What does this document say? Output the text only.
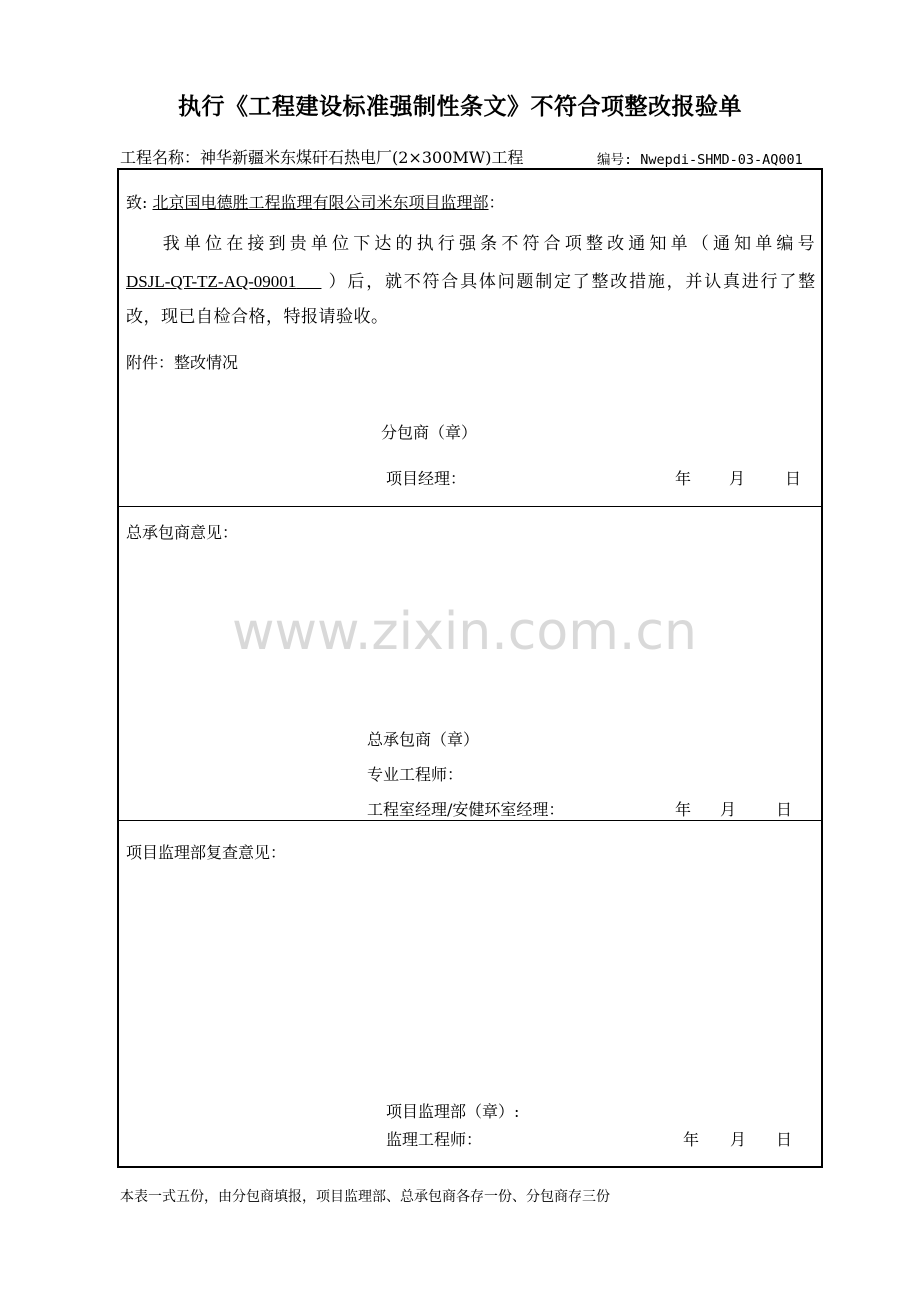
执行《工程建设标准强制性条文》不符合项整改报验单
工程名称：神华新疆米东煤矸石热电厂(2×300MW)工程	编号: Nwepdi-SHMD-03-AQ001
致: 北京国电德胜工程监理有限公司米东项目监理部：
我单位在接到贵单位下达的执行强条不符合项整改通知单（通知单编号
DSJL-QT-TZ-AQ-09001 ）后，就不符合具体问题制定了整改措施，并认真进行了整
改，现已自检合格，特报请验收。
附件：整改情况
分包商（章）
项目经理：	年 月 日
总承包商意见：
www.zixin.com.cn
总承包商（章）
专业工程师：
工程室经理/安健环室经理：	年 月 日
项目监理部复查意见：
项目监理部（章）:
监理工程师：	年 月 日
本表一式五份，由分包商填报，项目监理部、总承包商各存一份、分包商存三份
